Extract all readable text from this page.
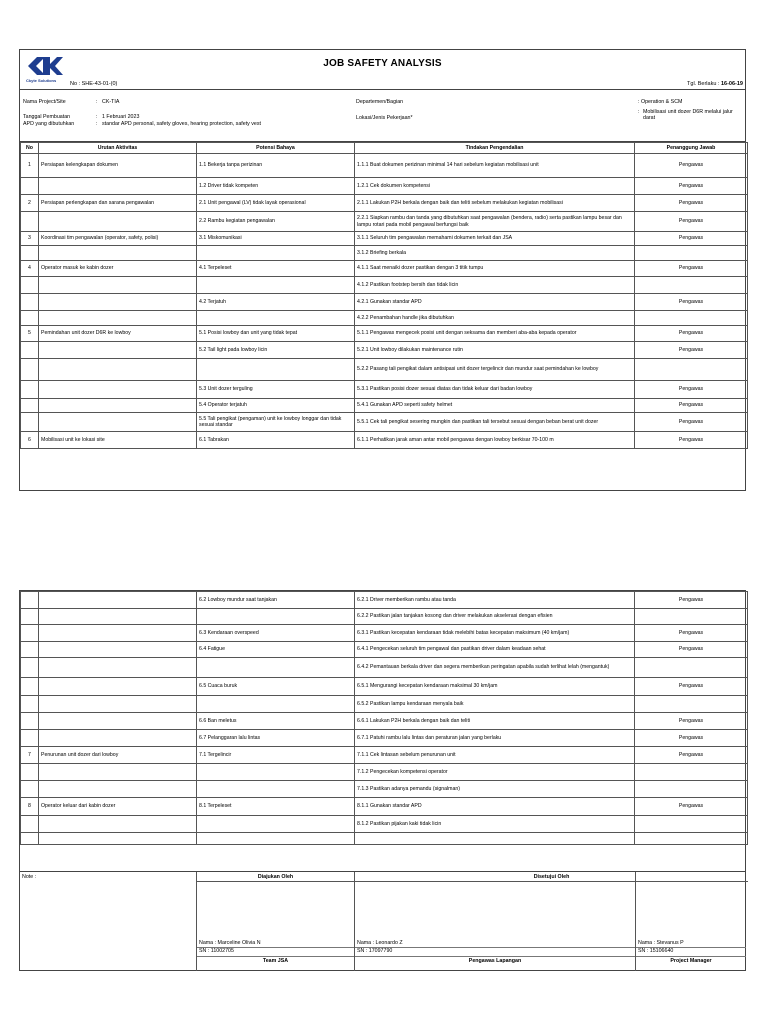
Ckyte Solutions
JOB SAFETY ANALYSIS
No : SHE-43-01-(0)	Tgl. Berlaku : 16-06-19
Nama Project/Site	: CK-TIA	Departemen/Bagian	: Operation & SCM
Tanggal Pembuatan	: 1 Februari 2023	Lokasi/Jenis Pekerjaan*
: Mobilisasi unit dozer D6R melalui jalur darat
APD yang dibutuhkan	: standar APD personal, safety gloves, hearing protection, safety vest
No	Urutan Aktivitas	Potensi Bahaya	Tindakan Pengendalian	Penanggung Jawab
1	Persiapan kelengkapan dokumen	1.1 Bekerja tanpa perizinan	1.1.1 Buat dokumen perizinan minimal 14 hari sebelum kegiatan mobilisasi unit	Pengawas
		1.2 Driver tidak kompeten	1.2.1 Cek dokumen kompetensi	Pengawas
2	Persiapan perlengkapan dan sarana pengawalan	2.1 Unit pengawal (LV) tidak layak operasional	2.1.1 Lakukan P2H berkala dengan baik dan teliti sebelum melakukan kegiatan mobilisasi	Pengawas
		2.2 Rambu kegiatan pengawalan	2.2.1 Siapkan rambu dan tanda yang dibutuhkan saat pengawalan (bendera, radio) serta pastikan lampu besar dan lampu rotari pada mobil pengawal berfungsi baik	Pengawas
3	Koordinasi tim pengawalan (operator, safety, polisi)	3.1 Miskomunikasi	3.1.1 Seluruh tim pengawalan memahami dokumen terkait dan JSA	Pengawas
			3.1.2 Briefing berkala	
4	Operator masuk ke kabin dozer	4.1 Terpeleset	4.1.1 Saat menaiki dozer pastikan dengan 3 titik tumpu	Pengawas
			4.1.2 Pastikan footstep bersih dan tidak licin	
		4.2 Terjatuh	4.2.1 Gunakan standar APD	Pengawas
			4.2.2 Penambahan handle jika dibutuhkan	
5	Pemindahan unit dozer D6R ke lowboy	5.1 Posisi lowboy dan unit yang tidak tepat	5.1.1 Pengawas mengecek posisi unit dengan seksama dan memberi aba-aba kepada operator	Pengawas
		5.2 Tail light pada lowboy licin	5.2.1 Unit lowboy dilakukan maintenance rutin	Pengawas
			5.2.2 Pasang tali pengikat dalam antisipasi unit dozer tergelincir dan mundur saat pemindahan ke lowboy	
		5.3 Unit dozer terguling	5.3.1 Pastikan posisi dozer sesuai diatas dan tidak keluar dari badan lowboy	Pengawas
		5.4 Operator terjatuh	5.4.1 Gunakan APD seperti safety helmet	Pengawas
		5.5 Tali pengikat (pengaman) unit ke lowboy longgar dan tidak sesuai standar	5.5.1 Cek tali pengikat sesering mungkin dan pastikan tali tersebut sesuai dengan beban berat unit dozer	Pengawas
6	Mobilisasi unit ke lokasi site	6.1 Tabrakan	6.1.1 Perhatikan jarak aman antar mobil pengawas dengan lowboy berkisar 70-100 m	Pengawas
		6.2 Lowboy mundur saat tanjakan	6.2.1 Driver memberikan rambu atau tanda	Pengawas
			6.2.2 Pastikan jalan tanjakan kosong dan driver melakukan akselerasi dengan efisien	
		6.3 Kendaraan overspeed	6.3.1 Pastikan kecepatan kendaraan tidak melebihi batas kecepatan maksimum (40 km/jam)	Pengawas
		6.4 Fatigue	6.4.1 Pengecekan seluruh tim pengawal dan pastikan driver dalam keadaan sehat	Pengawas
			6.4.2 Pemantauan berkala driver dan segera memberikan peringatan apabila sudah terlihat lelah (mengantuk)	
		6.5 Cuaca buruk	6.5.1 Mengurangi kecepatan kendaraan maksimal 30 km/jam	Pengawas
			6.5.2 Pastikan lampu kendaraan menyala baik	
		6.6 Ban meletus	6.6.1 Lakukan P2H berkala dengan baik dan teliti	Pengawas
		6.7 Pelanggaran lalu lintas	6.7.1 Patuhi rambu lalu lintas dan peraturan jalan yang berlaku	Pengawas
7	Penurunan unit dozer dari lowboy	7.1 Tergelincir	7.1.1 Cek lintasan sebelum penurunan unit	Pengawas
			7.1.2 Pengecekan kompetensi operator	
			7.1.3 Pastikan adanya pemandu (signalman)	
8	Operator keluar dari kabin dozer	8.1 Terpeleset	8.1.1 Gunakan standar APD	Pengawas
			8.1.2 Pastikan pijakan kaki tidak licin	

Note :	Diajukan Oleh
Nama : Marceline Olivia N
SN : 11002705
Team JSA
Disetujui Oleh
Nama : Leonardo Z
SN : 17097790
Pengawas Lapangan
Nama : Stevanus P
SN : 15106640
Project Manager
